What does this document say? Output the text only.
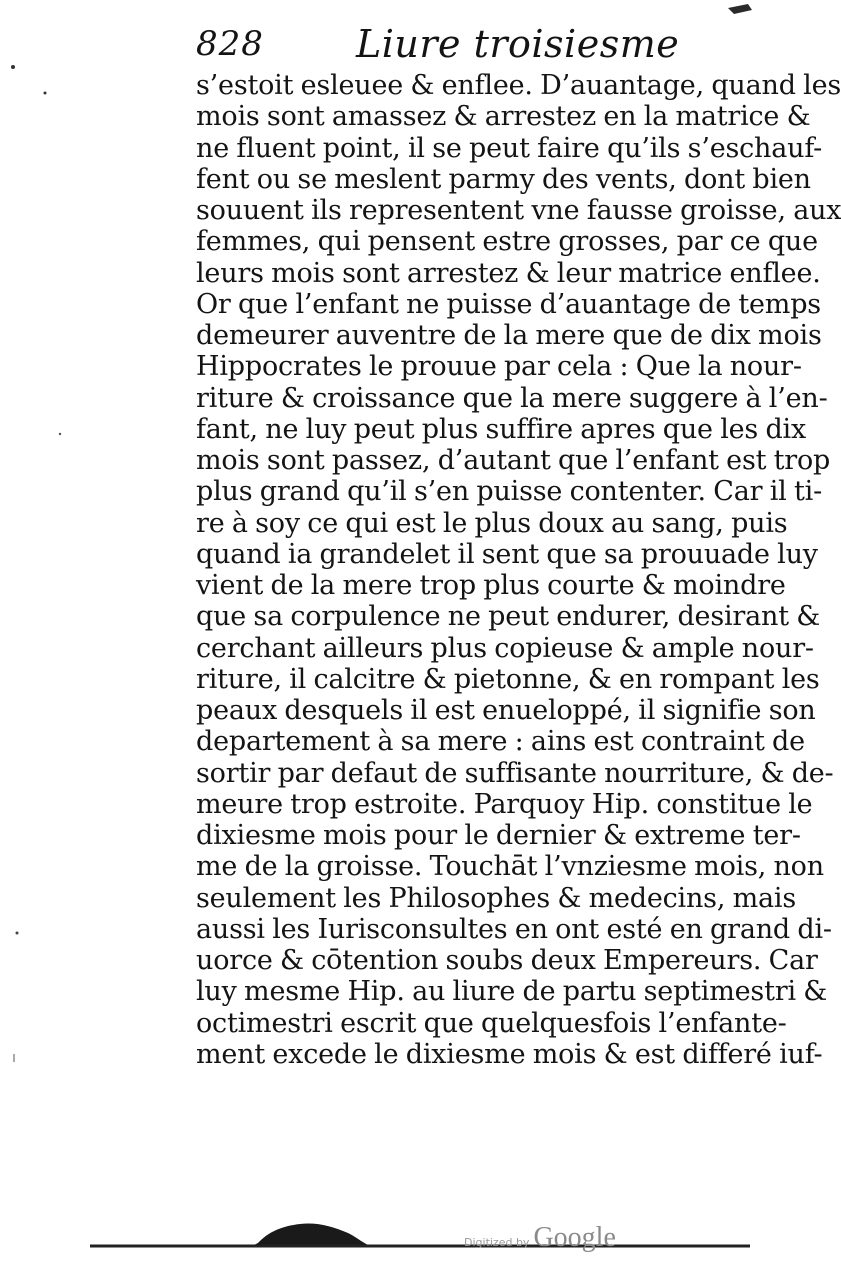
828 Liure troisiesme
s’estoit esleuee & enflee. D’auantage, quand les
mois sont amassez & arrestez en la matrice &
ne fluent point, il se peut faire qu’ils s’eschauf-
fent ou se meslent parmy des vents, dont bien
souuent ils representent vne fausse groisse, aux
femmes, qui pensent estre grosses, par ce que
leurs mois sont arrestez & leur matrice enflee.
Or que l’enfant ne puisse d’auantage de temps
demeurer auventre de la mere que de dix mois
Hippocrates le prouue par cela : Que la nour-
riture & croissance que la mere suggere à l’en-
fant, ne luy peut plus suffire apres que les dix
mois sont passez, d’autant que l’enfant est trop
plus grand qu’il s’en puisse contenter. Car il ti-
re à soy ce qui est le plus doux au sang, puis
quand ia grandelet il sent que sa prouuade luy
vient de la mere trop plus courte & moindre
que sa corpulence ne peut endurer, desirant &
cerchant ailleurs plus copieuse & ample nour-
riture, il calcitre & pietonne, & en rompant les
peaux desquels il est enueloppé, il signifie son
departement à sa mere : ains est contraint de
sortir par defaut de suffisante nourriture, & de-
meure trop estroite. Parquoy Hip. constitue le
dixiesme mois pour le dernier & extreme ter-
me de la groisse. Touchāt l’vnziesme mois, non
seulement les Philosophes & medecins, mais
aussi les Iurisconsultes en ont esté en grand di-
uorce & cōtention soubs deux Empereurs. Car
luy mesme Hip. au liure de partu septimestri &
octimestri escrit que quelquesfois l’enfante-
ment excede le dixiesme mois & est differé iuf-
Digitized by Google
